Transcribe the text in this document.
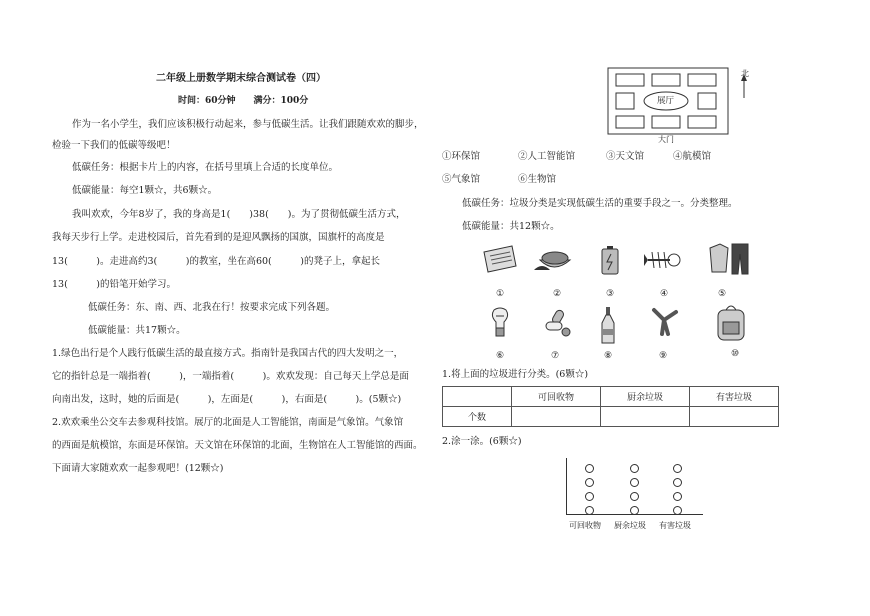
二年级上册数学期末综合测试卷（四）
时间：60分钟　　满分：100分
作为一名小学生，我们应该积极行动起来，参与低碳生活。让我们跟随欢欢的脚步，
检验一下我们的低碳等级吧！
低碳任务：根据卡片上的内容，在括号里填上合适的长度单位。
低碳能量：每空1颗☆，共6颗☆。
我叫欢欢，今年8岁了，我的身高是1(　　)38(　　)。为了贯彻低碳生活方式，
我每天步行上学。走进校园后，首先看到的是迎风飘扬的国旗，国旗杆的高度是
13(　　　)。走进高约3(　　　)的教室，坐在高60(　　　)的凳子上，拿起长
13(　　　)的铅笔开始学习。
低碳任务：东、南、西、北我在行！按要求完成下列各题。
低碳能量：共17颗☆。
1.绿色出行是个人践行低碳生活的最直接方式。指南针是我国古代的四大发明之一，
它的指针总是一端指着(　　　)，一端指着(　　　)。欢欢发现：自己每天上学总是面
向南出发，这时，她的后面是(　　　)，左面是(　　　)，右面是(　　　)。(5颗☆)
2.欢欢乘坐公交车去参观科技馆。展厅的北面是人工智能馆，南面是气象馆。气象馆
的西面是航模馆，东面是环保馆。天文馆在环保馆的北面，生物馆在人工智能馆的西面。
下面请大家随欢欢一起参观吧！(12颗☆)
北
展厅
大门
①环保馆	②人工智能馆	③天文馆	④航模馆
⑤气象馆	⑥生物馆
低碳任务：垃圾分类是实现低碳生活的重要手段之一。分类整理。
低碳能量：共12颗☆。
①	②	③	④	⑤
⑥	⑦	⑧	⑨	⑩
1.将上面的垃圾进行分类。(6颗☆)
	可回收物	厨余垃圾	有害垃圾
个数			
2.涂一涂。(6颗☆)
可回收物 厨余垃圾 有害垃圾
